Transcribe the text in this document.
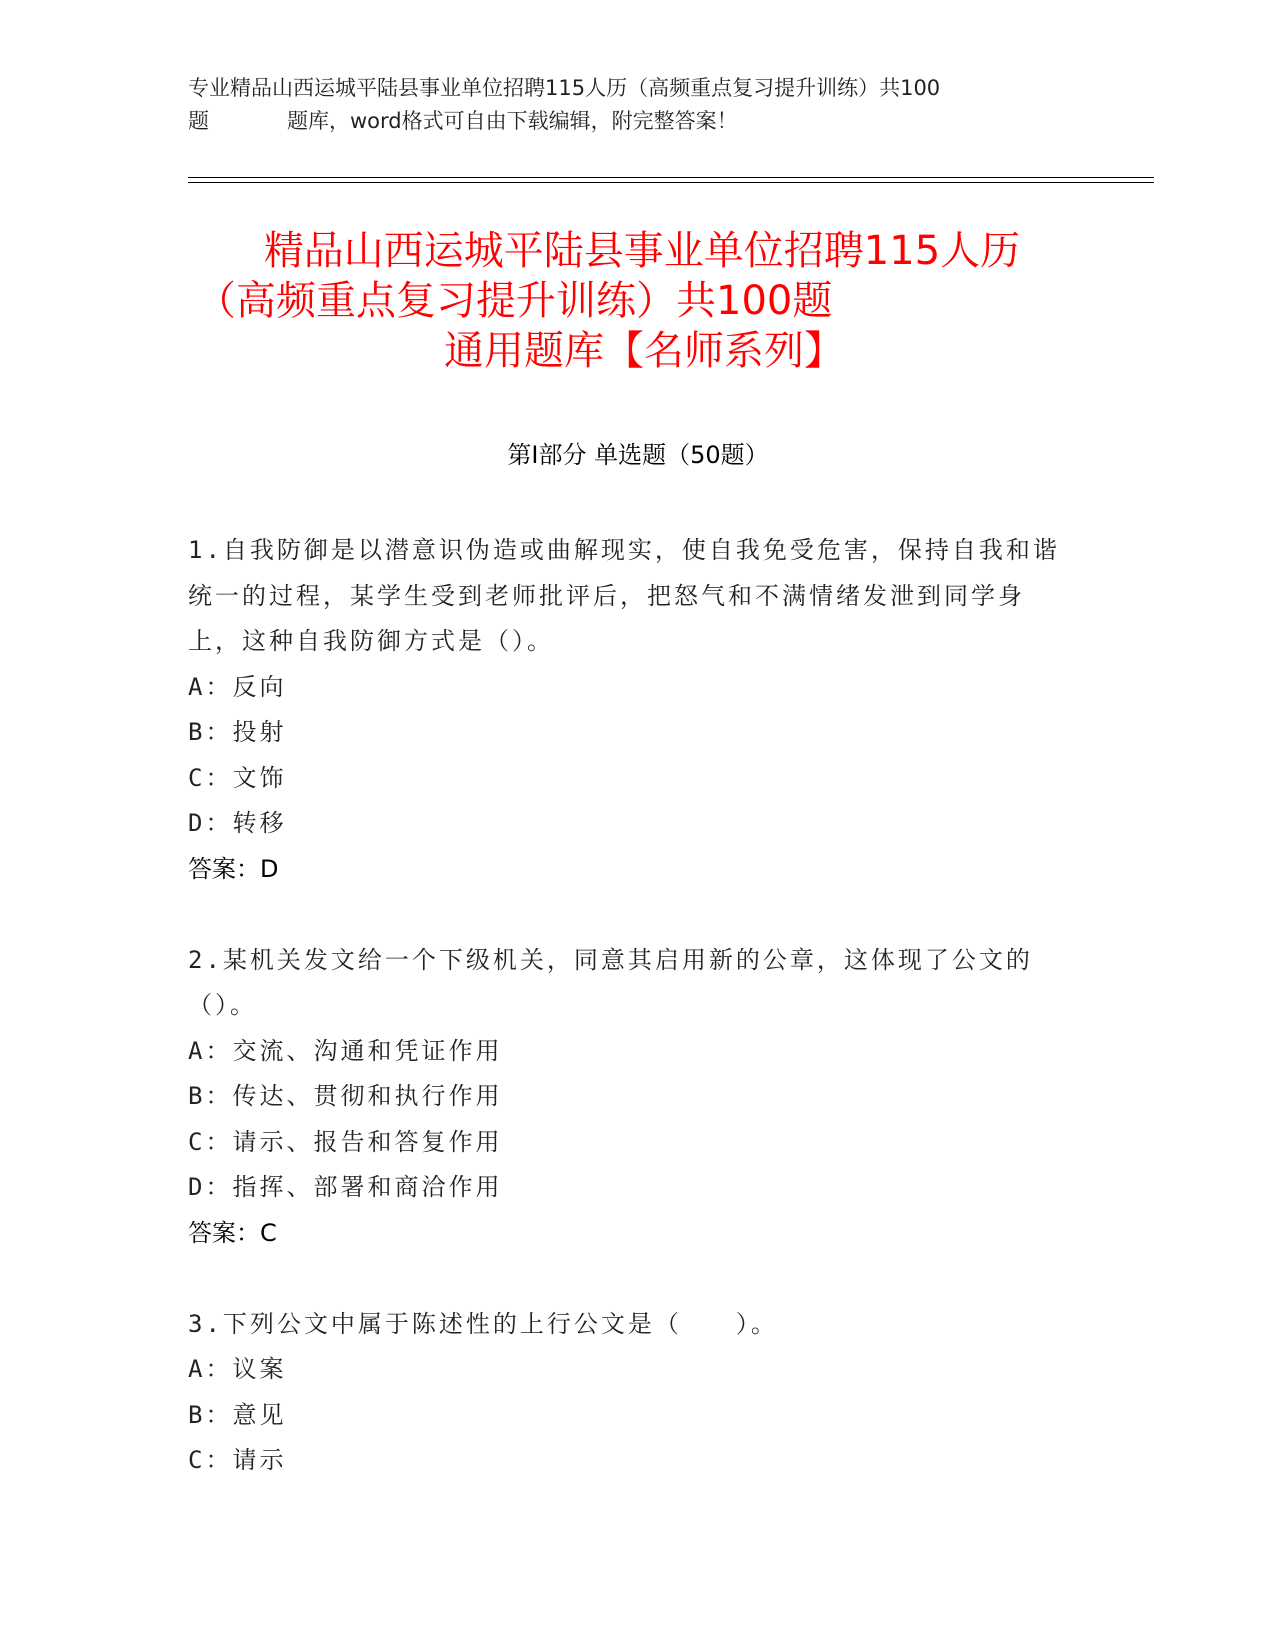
专业精品山西运城平陆县事业单位招聘115人历（高频重点复习提升训练）共100
题	题库，word格式可自由下载编辑，附完整答案！
精品山西运城平陆县事业单位招聘115人历
（高频重点复习提升训练）共100题
通用题库【名师系列】
第Ⅰ部分 单选题（50题）
1.自我防御是以潜意识伪造或曲解现实，使自我免受危害，保持自我和谐统一的过程，某学生受到老师批评后，把怒气和不满情绪发泄到同学身上，这种自我防御方式是（）。
A：反向
B：投射
C：文饰
D：转移
答案：D
2.某机关发文给一个下级机关，同意其启用新的公章，这体现了公文的（）。
A：交流、沟通和凭证作用
B：传达、贯彻和执行作用
C：请示、报告和答复作用
D：指挥、部署和商洽作用
答案：C
3.下列公文中属于陈述性的上行公文是（　　）。
A：议案
B：意见
C：请示
